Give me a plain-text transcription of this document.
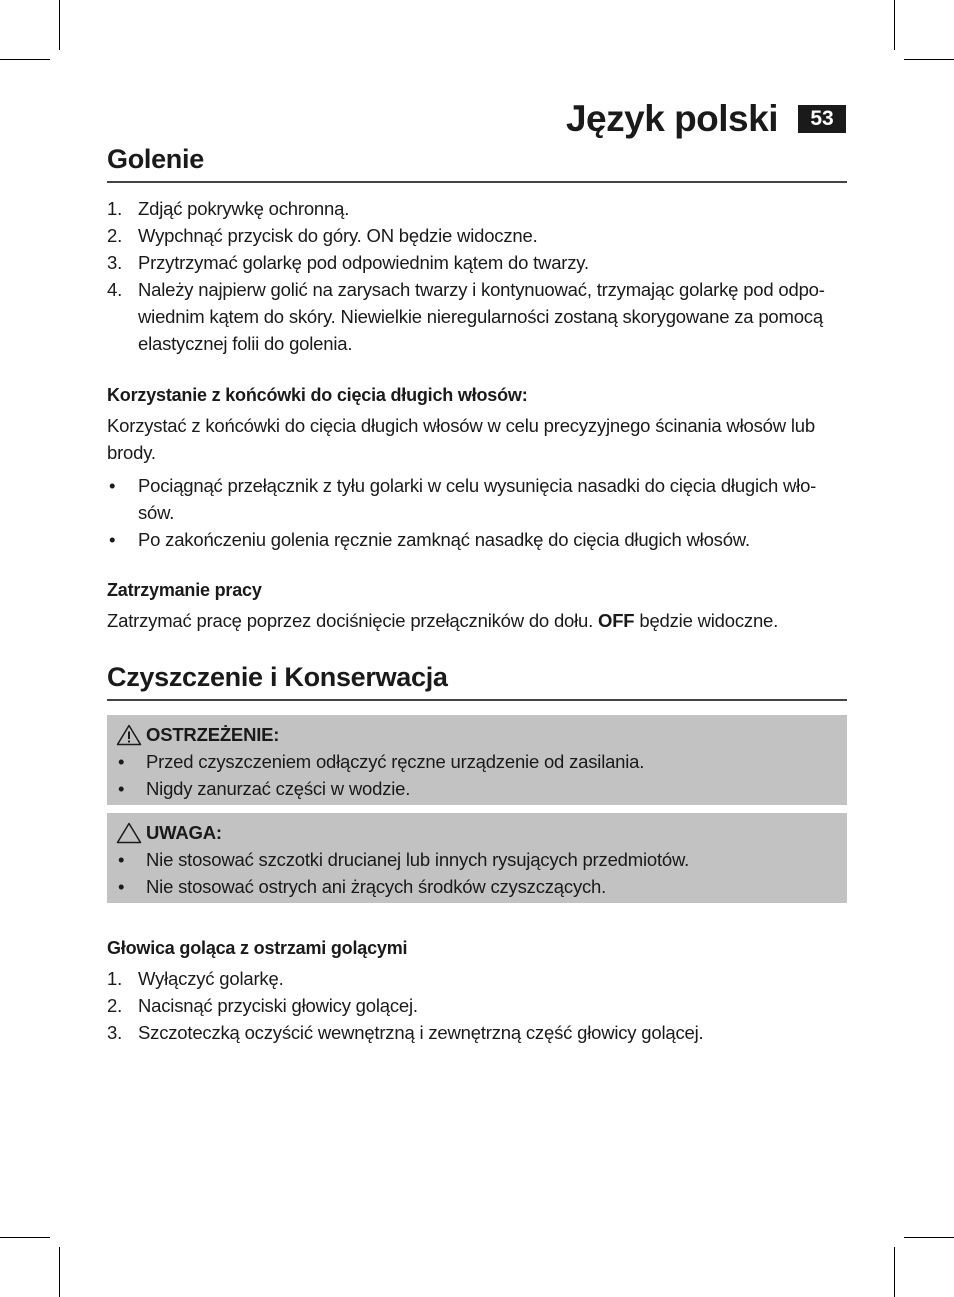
Język polski	53
Golenie
1. Zdjąć pokrywkę ochronną.
2. Wypchnąć przycisk do góry. ON będzie widoczne.
3. Przytrzymać golarkę pod odpowiednim kątem do twarzy.
4. Należy najpierw golić na zarysach twarzy i kontynuować, trzymając golarkę pod odpo-wiednim kątem do skóry. Niewielkie nieregularności zostaną skorygowane za pomocą elastycznej folii do golenia.
Korzystanie z końcówki do cięcia długich włosów:

Korzystać z końcówki do cięcia długich włosów w celu precyzyjnego ścinania włosów lub brody.

• Pociągnąć przełącznik z tyłu golarki w celu wysunięcia nasadki do cięcia długich wło-sów.
• Po zakończeniu golenia ręcznie zamknąć nasadkę do cięcia długich włosów.
Zatrzymanie pracy

Zatrzymać pracę poprzez dociśnięcie przełączników do dołu. OFF będzie widoczne.

Czyszczenie i Konserwacja
OSTRZEŻENIE:
• Przed czyszczeniem odłączyć ręczne urządzenie od zasilania.
• Nigdy zanurzać części w wodzie.
UWAGA:
• Nie stosować szczotki drucianej lub innych rysujących przedmiotów.
• Nie stosować ostrych ani żrących środków czyszczących.
Głowica goląca z ostrzami golącymi
1. Wyłączyć golarkę.
2. Nacisnąć przyciski głowicy golącej.
3. Szczoteczką oczyścić wewnętrzną i zewnętrzną część głowicy golącej.
